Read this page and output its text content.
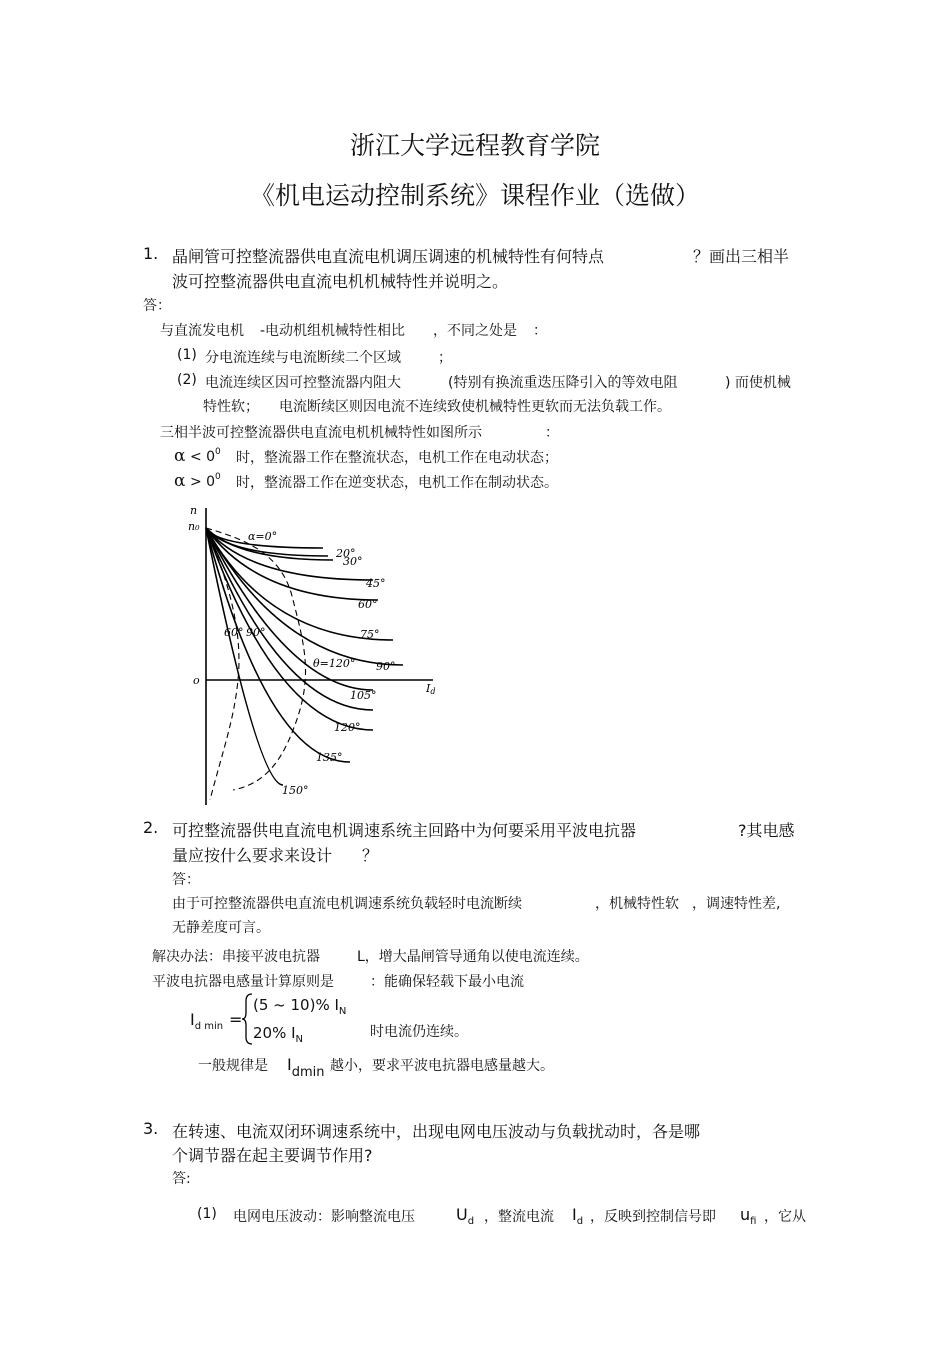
浙江大学远程教育学院
《机电运动控制系统》课程作业（选做）
1. 晶闸管可控整流器供电直流电机调压调速的机械特性有何特点	？画出三相半
波可控整流器供电直流电机机械特性并说明之。
答：
与直流发电机 -电动机组机械特性相比 ，不同之处是 ：
(1) 分电流连续与电流断续二个区域	；
(2) 电流连续区因可控整流器内阻大	(特别有换流重迭压降引入的等效电阻	) 而使机械
特性软； 电流断续区则因电流不连续致使机械特性更软而无法负载工作。
三相半波可控整流器供电直流电机机械特性如图所示	：
$\alpha < 0^0$ 时，整流器工作在整流状态，电机工作在电动状态；
$\alpha > 0^0$ 时，整流器工作在逆变状态，电机工作在制动状态。
n
n₀
o
Id
α=0°
20°
30°
45°
60°
75°
90°
θ=120°
105°
120°
135°
150°
60° 90°
2. 可控整流器供电直流电机调速系统主回路中为何要采用平波电抗器	?其电感
量应按什么要求来设计 ？
答：
由于可控整流器供电直流电机调速系统负载轻时电流断续	，机械特性软 ，调速特性差,
无静差度可言。
解决办法：串接平波电抗器	L，增大晶闸管导通角以使电流连续。
平波电抗器电感量计算原则是	：能确保轻载下最小电流
$I_{d min}$ =
(5 ~ 10)% $I_N$
20% $I_N$	时电流仍连续。
一般规律是 $I_{dmin}$ 越小，要求平波电抗器电感量越大。
3. 在转速、电流双闭环调速系统中，出现电网电压波动与负载扰动时，各是哪
个调节器在起主要调节作用?
答:
(1) 电网电压波动：影响整流电压	$U_d$ ，整流电流 $I_d$ ，反映到控制信号即 $u_{fi}$ ，它从
